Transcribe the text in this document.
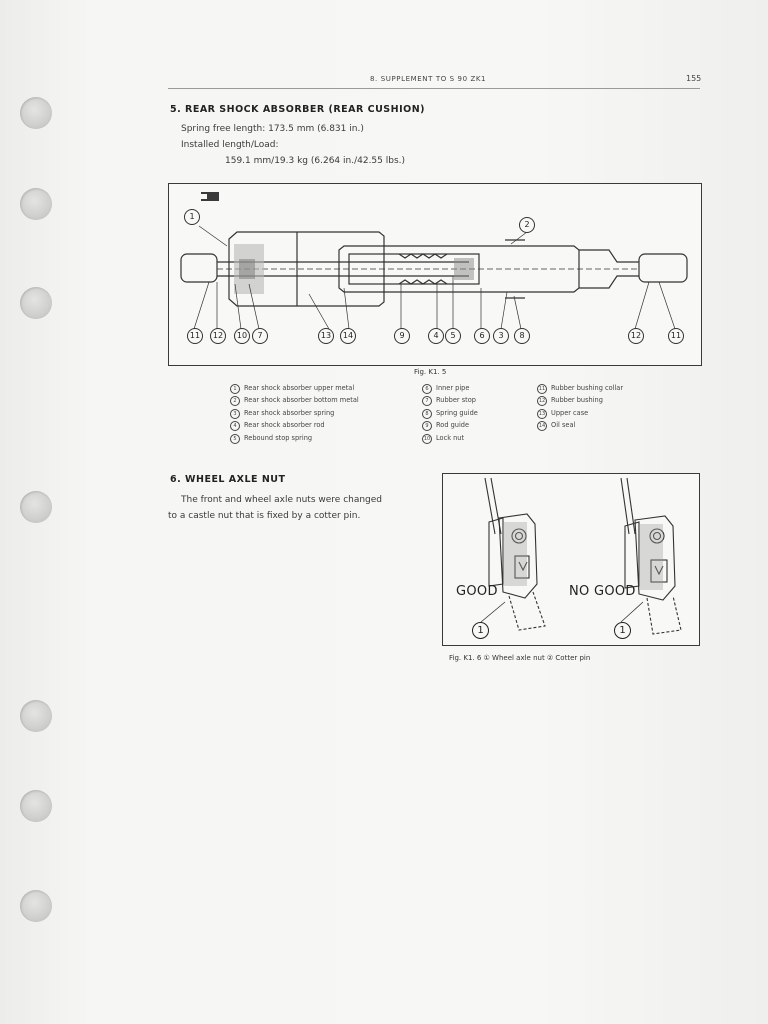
8. SUPPLEMENT TO S 90 ZK1	155
5. REAR SHOCK ABSORBER (REAR CUSHION)
Spring free length: 173.5 mm (6.831 in.)
Installed length/Load:
159.1 mm/19.3 kg (6.264 in./42.55 lbs.)
1
2
11	12	10	7	13	14	9	4	5	6	3	8	12	11
Fig. K1. 5
1	Rear shock absorber upper metal
2	Rear shock absorber bottom metal
3	Rear shock absorber spring
4	Rear shock absorber rod
5	Rebound stop spring
6	Inner pipe
7	Rubber stop
8	Spring guide
9	Rod guide
10 Lock nut
11 Rubber bushing collar
12 Rubber bushing
13 Upper case
14 Oil seal
6. WHEEL AXLE NUT
The front and wheel axle nuts were changed
to a castle nut that is fixed by a cotter pin.
GOOD	NO GOOD
1	1
Fig. K1. 6 ① Wheel axle nut ② Cotter pin
